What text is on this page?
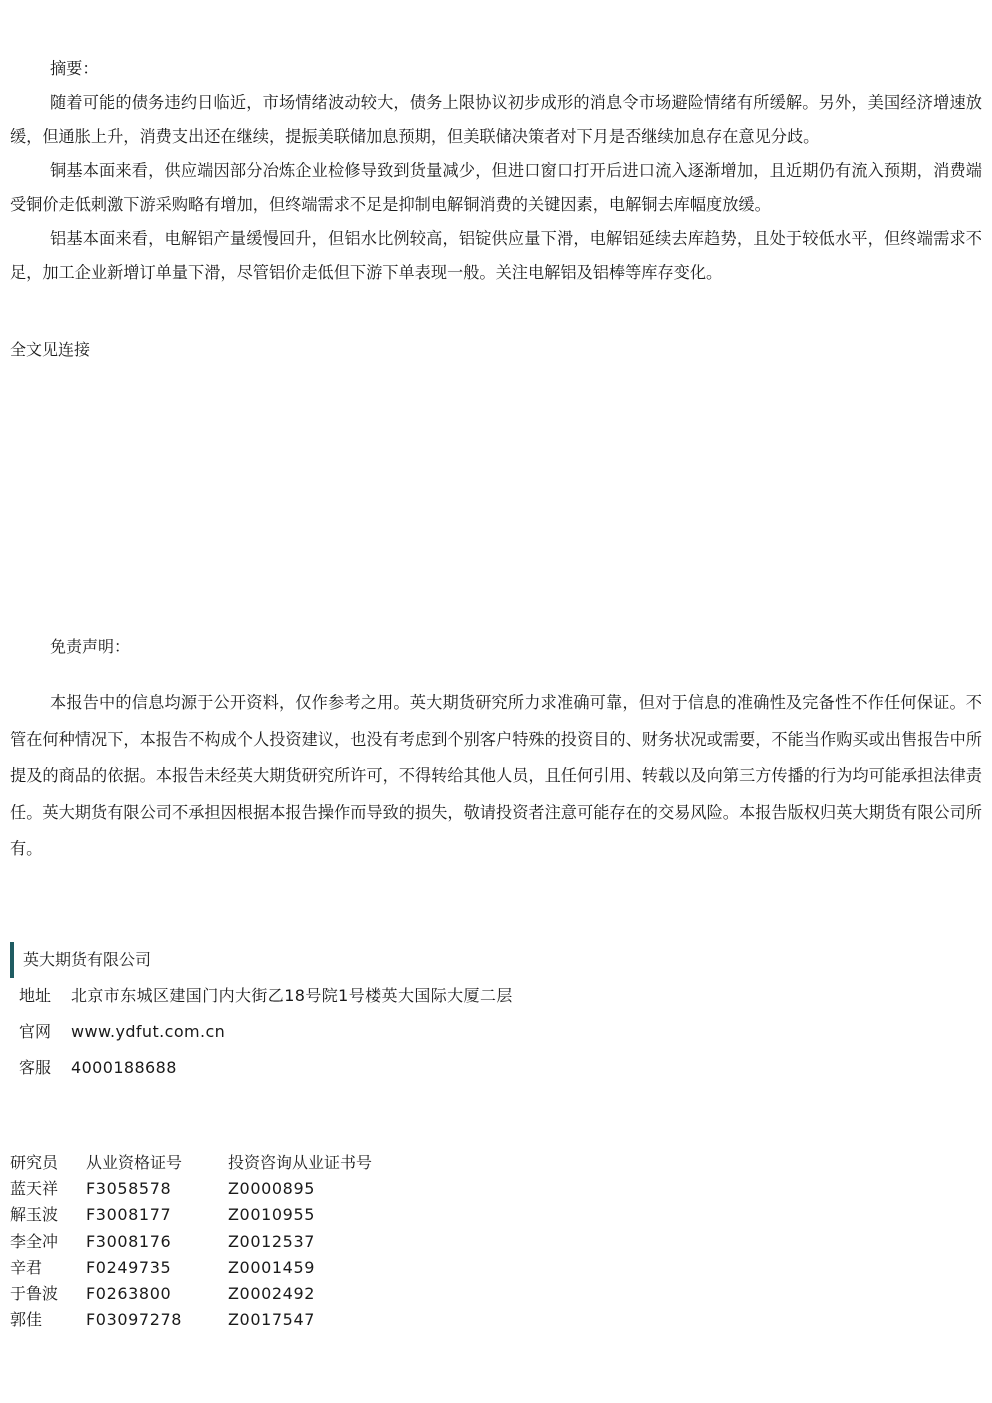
摘要：

随着可能的债务违约日临近，市场情绪波动较大，债务上限协议初步成形的消息令市场避险情绪有所缓解。另外，美国经济增速放缓，但通胀上升，消费支出还在继续，提振美联储加息预期，但美联储决策者对下月是否继续加息存在意见分歧。

铜基本面来看，供应端因部分冶炼企业检修导致到货量减少，但进口窗口打开后进口流入逐渐增加，且近期仍有流入预期，消费端受铜价走低刺激下游采购略有增加，但终端需求不足是抑制电解铜消费的关键因素，电解铜去库幅度放缓。

铝基本面来看，电解铝产量缓慢回升，但铝水比例较高，铝锭供应量下滑，电解铝延续去库趋势，且处于较低水平，但终端需求不足，加工企业新增订单量下滑，尽管铝价走低但下游下单表现一般。关注电解铝及铝棒等库存变化。

全文见连接
免责声明：

本报告中的信息均源于公开资料，仅作参考之用。英大期货研究所力求准确可靠，但对于信息的准确性及完备性不作任何保证。不管在何种情况下，本报告不构成个人投资建议，也没有考虑到个别客户特殊的投资目的、财务状况或需要，不能当作购买或出售报告中所提及的商品的依据。本报告未经英大期货研究所许可，不得转给其他人员，且任何引用、转载以及向第三方传播的行为均可能承担法律责任。英大期货有限公司不承担因根据本报告操作而导致的损失，敬请投资者注意可能存在的交易风险。本报告版权归英大期货有限公司所有。

英大期货有限公司
地址	北京市东城区建国门内大街乙18号院1号楼英大国际大厦二层
官网	www.ydfut.com.cn
客服	4000188688
研究员	从业资格证号	投资咨询从业证书号
蓝天祥	F3058578	Z0000895
解玉波	F3008177	Z0010955
李全冲	F3008176	Z0012537
辛君	F0249735	Z0001459
于鲁波	F0263800	Z0002492
郭佳	F03097278	Z0017547
